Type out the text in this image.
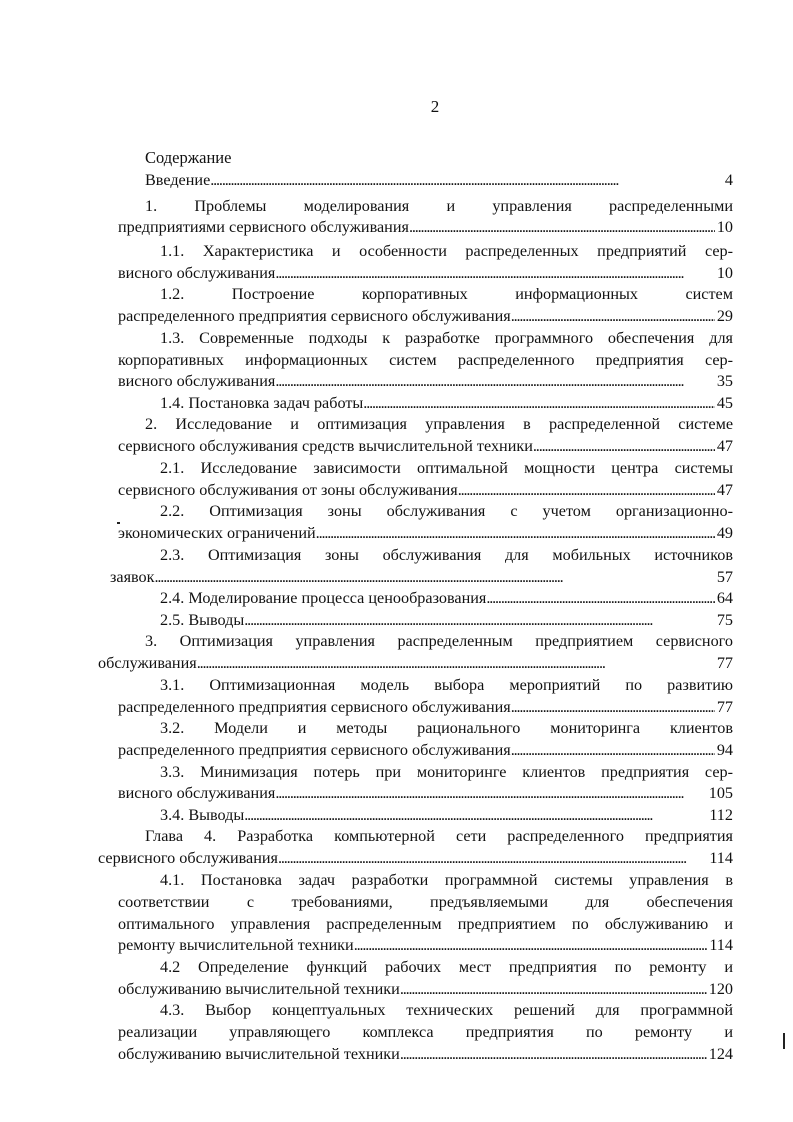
2
Содержание
Введение . . .	4
1. Проблемы моделирования и управления распределенными
предприятиями сервисного обслуживания . . .	10
1.1. Характеристика и особенности распределенных предприятий сер-
висного обслуживания . . .	10
1.2. Построение корпоративных информационных систем
распределенного предприятия сервисного обслуживания . . .	29
1.3. Современные подходы к разработке программного обеспечения для
корпоративных информационных систем распределенного предприятия сер-
висного обслуживания . . .	35
1.4. Постановка задач работы . . .	45
2. Исследование и оптимизация управления в распределенной системе
сервисного обслуживания средств вычислительной техники . . .	47
2.1. Исследование зависимости оптимальной мощности центра системы
сервисного обслуживания от зоны обслуживания . . .	47
2.2. Оптимизация зоны обслуживания с учетом организационно-
экономических ограничений . . .	49
2.3. Оптимизация зоны обслуживания для мобильных источников
заявок . . .	57
2.4. Моделирование процесса ценообразования . . .	64
2.5. Выводы . . .	75
3. Оптимизация управления распределенным предприятием сервисного
обслуживания . . .	77
3.1. Оптимизационная модель выбора мероприятий по развитию
распределенного предприятия сервисного обслуживания . . .	77
3.2. Модели и методы рационального мониторинга клиентов
распределенного предприятия сервисного обслуживания . . .	94
3.3. Минимизация потерь при мониторинге клиентов предприятия сер-
висного обслуживания . . .	105
3.4. Выводы . . .	112
Глава 4. Разработка компьютерной сети распределенного предприятия
сервисного обслуживания . . .	114
4.1. Постановка задач разработки программной системы управления в
соответствии с требованиями, предъявляемыми для обеспечения
оптимального управления распределенным предприятием по обслуживанию и
ремонту вычислительной техники . . .	114
4.2 Определение функций рабочих мест предприятия по ремонту и
обслуживанию вычислительной техники . . .	120
4.3. Выбор концептуальных технических решений для программной
реализации управляющего комплекса предприятия по ремонту и
обслуживанию вычислительной техники . . .	124
